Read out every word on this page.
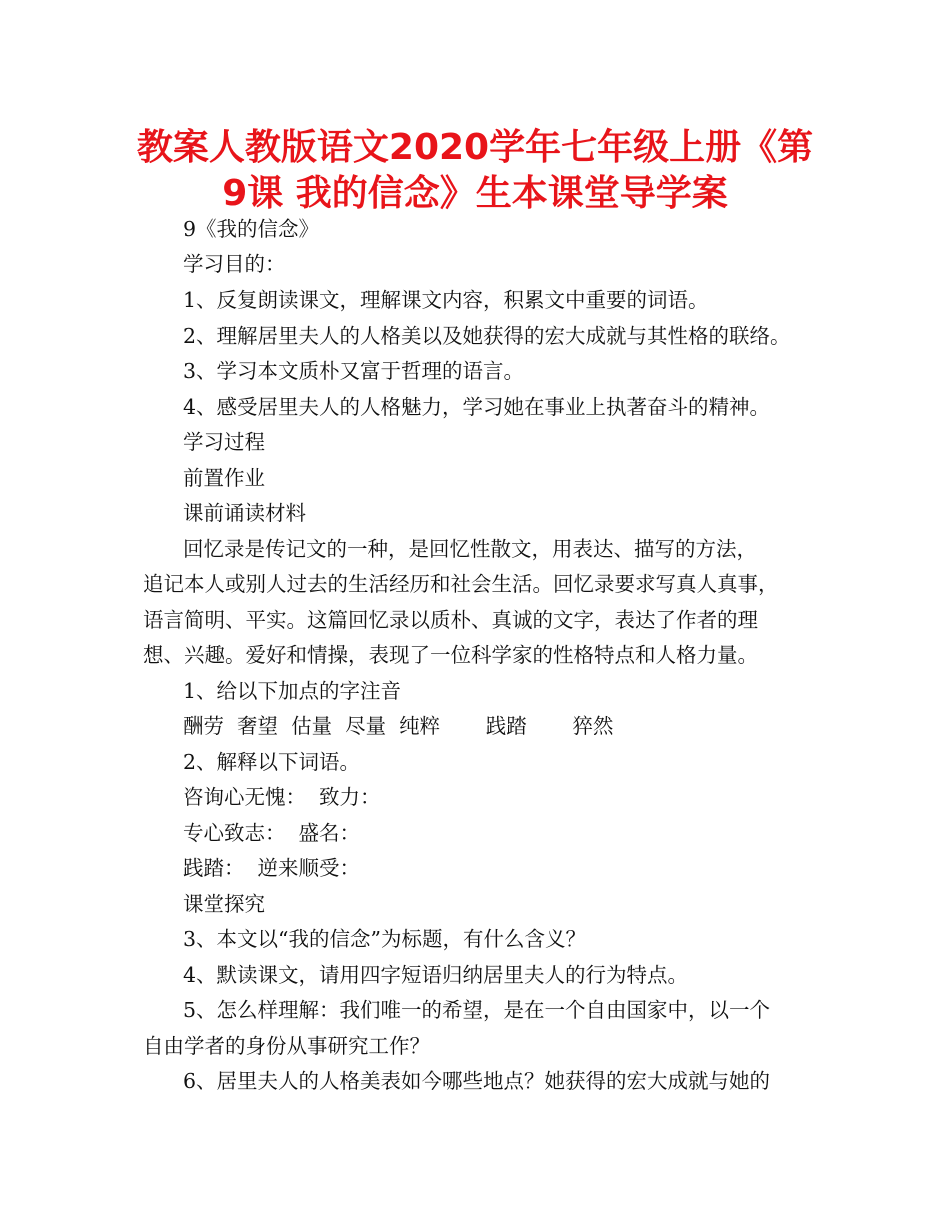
教案人教版语文2020学年七年级上册《第
9课 我的信念》生本课堂导学案
9《我的信念》
学习目的：
1、反复朗读课文，理解课文内容，积累文中重要的词语。
2、理解居里夫人的人格美以及她获得的宏大成就与其性格的联络。
3、学习本文质朴又富于哲理的语言。
4、感受居里夫人的人格魅力，学习她在事业上执著奋斗的精神。
学习过程
前置作业
课前诵读材料
回忆录是传记文的一种，是回忆性散文，用表达、描写的方法，
追记本人或别人过去的生活经历和社会生活。回忆录要求写真人真事，
语言简明、平实。这篇回忆录以质朴、真诚的文字，表达了作者的理
想、兴趣。爱好和情操，表现了一位科学家的性格特点和人格力量。
1、给以下加点的字注音
酬劳  奢望  估量  尽量  纯粹       践踏       猝然
2、解释以下词语。
咨询心无愧：  致力：
专心致志：  盛名：
践踏：  逆来顺受：
课堂探究
3、本文以“我的信念”为标题，有什么含义？
4、默读课文，请用四字短语归纳居里夫人的行为特点。
5、怎么样理解：我们唯一的希望，是在一个自由国家中，以一个
自由学者的身份从事研究工作？
6、居里夫人的人格美表如今哪些地点？她获得的宏大成就与她的
